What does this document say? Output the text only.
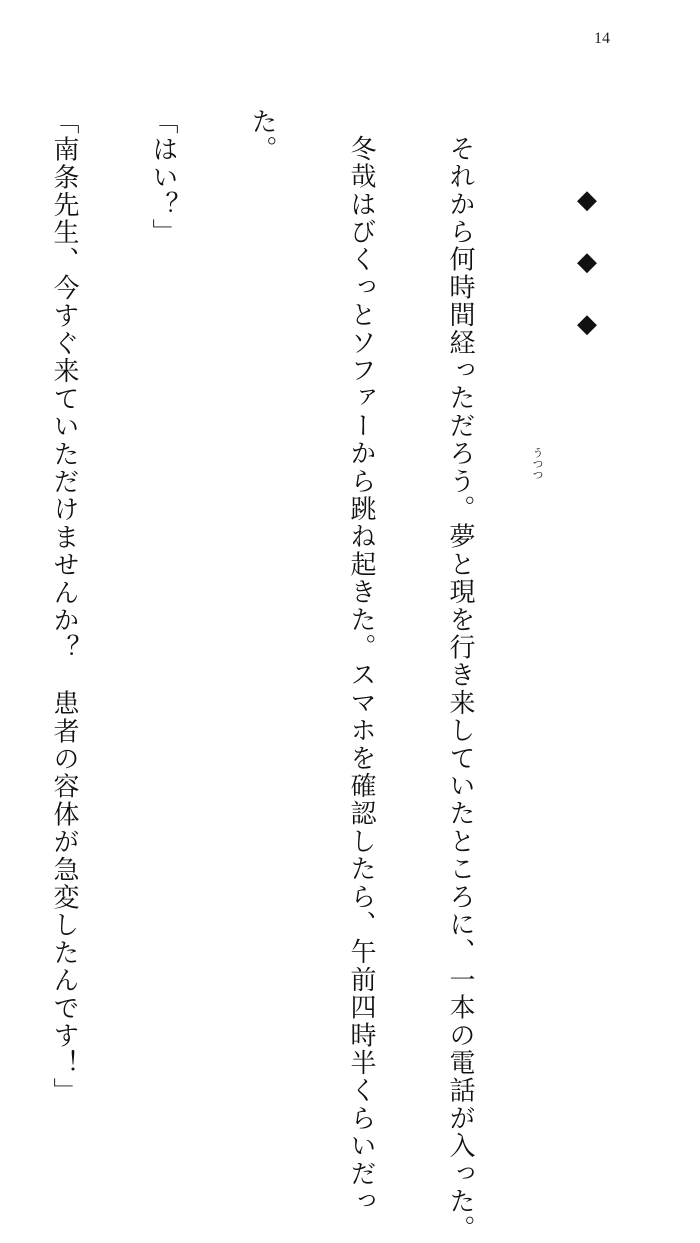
14
◆◆◆
うつつ

それから何時間経っただろう。夢と現を行き来していたところに、一本の電話が入った。

冬哉はびくっとソファーから跳ね起きた。スマホを確認したら、午前四時半くらいだっ

た。

「はい？」

「南条先生、今すぐ来ていただけませんか？　患者の容体が急変したんです！」
